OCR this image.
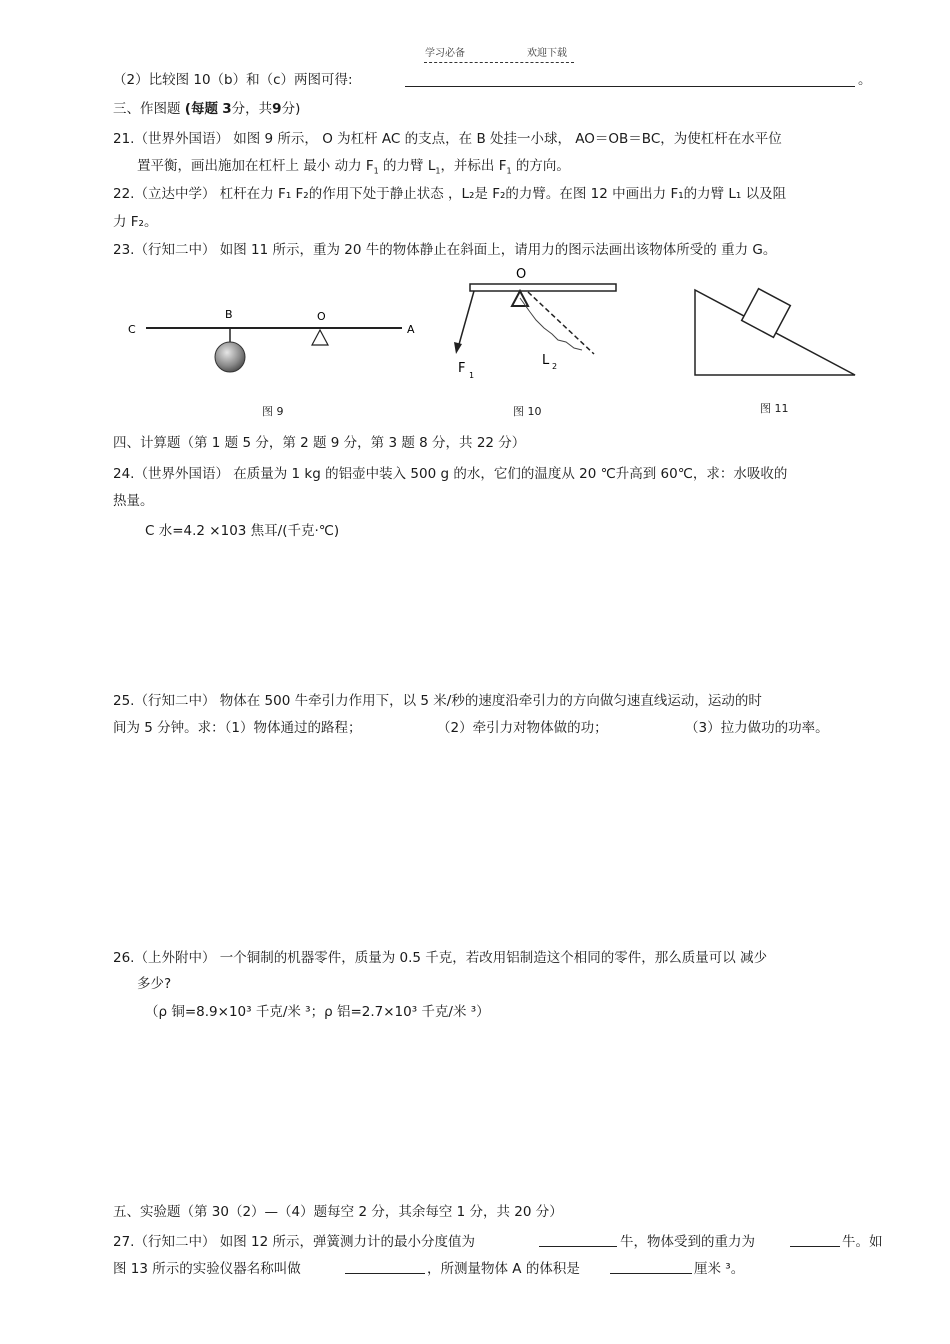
学习必备	欢迎下载
（2）比较图 10（b）和（c）两图可得:	。
三、作图题 (每题 3分，共9分)
21.（世界外国语） 如图 9 所示， O 为杠杆 AC 的支点，在 B 处挂一小球， AO＝OB＝BC，为使杠杆在水平位
置平衡，画出施加在杠杆上 最小 动力 $F_1$ 的力臂 $L_1$，并标出 $F_1$ 的方向。
22.（立达中学） 杠杆在力 F₁ F₂的作用下处于静止状态 ，L₂是 F₂的力臂。在图 12 中画出力 F₁的力臂 L₁ 以及阻
力 F₂。
23.（行知二中） 如图 11 所示，重为 20 牛的物体静止在斜面上，请用力的图示法画出该物体所受的 重力 G。
C
B	O
A
图 9
O
F 1
L 2
图 10	图 11
四、计算题（第 1 题 5 分，第 2 题 9 分，第 3 题 8 分，共 22 分）
24.（世界外国语） 在质量为 1 kg 的铝壶中装入 500 g 的水，它们的温度从 20 ℃升高到 60℃，求：水吸收的
热量。
C 水=4.2 ×103 焦耳/(千克·℃)
25.（行知二中） 物体在 500 牛牵引力作用下，以 5 米/秒的速度沿牵引力的方向做匀速直线运动，运动的时
间为 5 分钟。求：（1）物体通过的路程；	（2）牵引力对物体做的功；	（3）拉力做功的功率。
26.（上外附中） 一个铜制的机器零件，质量为 0.5 千克，若改用铝制造这个相同的零件，那么质量可以 减少
多少?
（ρ 铜=8.9×10³ 千克/米 ³；ρ 铝=2.7×10³ 千克/米 ³）
五、实验题（第 30（2）—（4）题每空 2 分，其余每空 1 分，共 20 分）
27.（行知二中） 如图 12 所示，弹簧测力计的最小分度值为	牛，物体受到的重力为	牛。如
图 13 所示的实验仪器名称叫做	，所测量物体 A 的体积是	厘米 ³。
